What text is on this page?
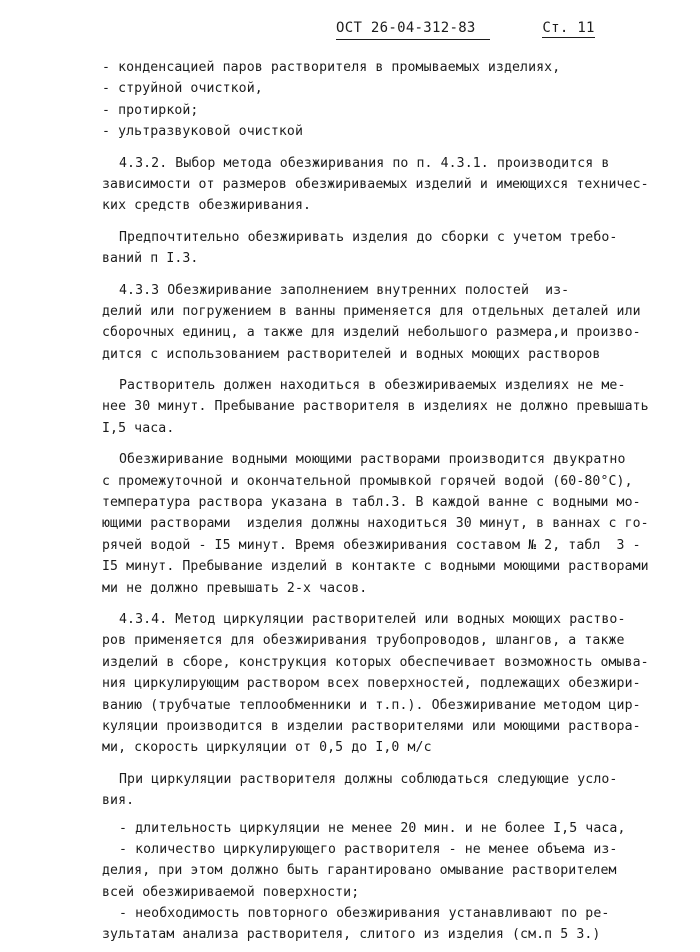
ОСТ 26-04-312-83	Ст. 11
- конденсацией паров растворителя в промываемых изделиях,
- струйной очисткой,
- протиркой;
- ультразвуковой очисткой
4.3.2. Выбор метода обезжиривания по п. 4.3.1. производится в
зависимости от размеров обезжириваемых изделий и имеющихся техничес-
ких средств обезжиривания.
Предпочтительно обезжиривать изделия до сборки с учетом требо-
ваний п I.3.
4.3.3 Обезжиривание заполнением внутренних полостей  из-
делий или погружением в ванны применяется для отдельных деталей или
сборочных единиц, а также для изделий небольшого размера,и произво-
дится с использованием растворителей и водных моющих растворов
Растворитель должен находиться в обезжириваемых изделиях не ме-
нее 30 минут. Пребывание растворителя в изделиях не должно превышать
I,5 часа.
Обезжиривание водными моющими растворами производится двукратно
с промежуточной и окончательной промывкой горячей водой (60-80°С),
температура раствора указана в табл.3. В каждой ванне с водными мо-
ющими растворами  изделия должны находиться 30 минут, в ваннах с го-
рячей водой - I5 минут. Время обезжиривания составом № 2, табл  3 -
I5 минут. Пребывание изделий в контакте с водными моющими растворами
ми не должно превышать 2-х часов.
4.3.4. Метод циркуляции растворителей или водных моющих раство-
ров применяется для обезжиривания трубопроводов, шлангов, а также
изделий в сборе, конструкция которых обеспечивает возможность омыва-
ния циркулирующим раствором всех поверхностей, подлежащих обезжири-
ванию (трубчатые теплообменники и т.п.). Обезжиривание методом цир-
куляции производится в изделии растворителями или моющими раствора-
ми, скорость циркуляции от 0,5 до I,0 м/с
При циркуляции растворителя должны соблюдаться следующие усло-
вия.
- длительность циркуляции не менее 20 мин. и не более I,5 часа,
- количество циркулирующего растворителя - не менее объема из-
делия, при этом должно быть гарантировано омывание растворителем
всей обезжириваемой поверхности;
- необходимость повторного обезжиривания устанавливают по ре-
зультатам анализа растворителя, слитого из изделия (см.п 5 3.)
